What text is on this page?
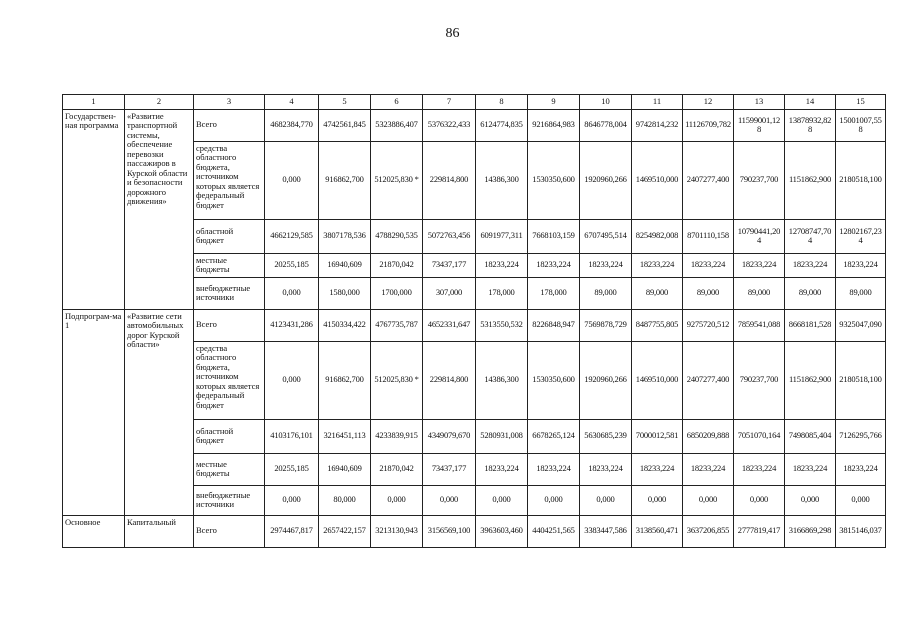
86
1	2	3	4	5	6	7	8	9	10	11	12	13	14	15
Государствен-ная программа	«Развитие транспортной системы, обеспечение перевозки пассажиров в Курской области и безопасности дорожного движения»	Всего	4682384,770	4742561,845	5323886,407	5376322,433	6124774,835	9216864,983	8646778,004	9742814,232	11126709,782	11599001,128	13878932,828	15001007,558
		средства областного бюджета, источником которых является федеральный бюджет	0,000	916862,700	512025,830 *	229814,800	14386,300	1530350,600	1920960,266	1469510,000	2407277,400	790237,700	1151862,900	2180518,100
		областной бюджет	4662129,585	3807178,536	4788290,535	5072763,456	6091977,311	7668103,159	6707495,514	8254982,008	8701110,158	10790441,204	12708747,704	12802167,234
		местные бюджеты	20255,185	16940,609	21870,042	73437,177	18233,224	18233,224	18233,224	18233,224	18233,224	18233,224	18233,224	18233,224
		внебюджетные источники	0,000	1580,000	1700,000	307,000	178,000	178,000	89,000	89,000	89,000	89,000	89,000	89,000
Подпрограм-ма 1	«Развитие сети автомобильных дорог Курской области»	Всего	4123431,286	4150334,422	4767735,787	4652331,647	5313550,532	8226848,947	7569878,729	8487755,805	9275720,512	7859541,088	8668181,528	9325047,090
		средства областного бюджета, источником которых является федеральный бюджет	0,000	916862,700	512025,830 *	229814,800	14386,300	1530350,600	1920960,266	1469510,000	2407277,400	790237,700	1151862,900	2180518,100
		областной бюджет	4103176,101	3216451,113	4233839,915	4349079,670	5280931,008	6678265,124	5630685,239	7000012,581	6850209,888	7051070,164	7498085,404	7126295,766
		местные бюджеты	20255,185	16940,609	21870,042	73437,177	18233,224	18233,224	18233,224	18233,224	18233,224	18233,224	18233,224	18233,224
		внебюджетные источники	0,000	80,000	0,000	0,000	0,000	0,000	0,000	0,000	0,000	0,000	0,000	0,000
Основное	Капитальный	Всего	2974467,817	2657422,157	3213130,943	3156569,100	3963603,460	4404251,565	3383447,586	3138560,471	3637206,855	2777819,417	3166869,298	3815146,037
